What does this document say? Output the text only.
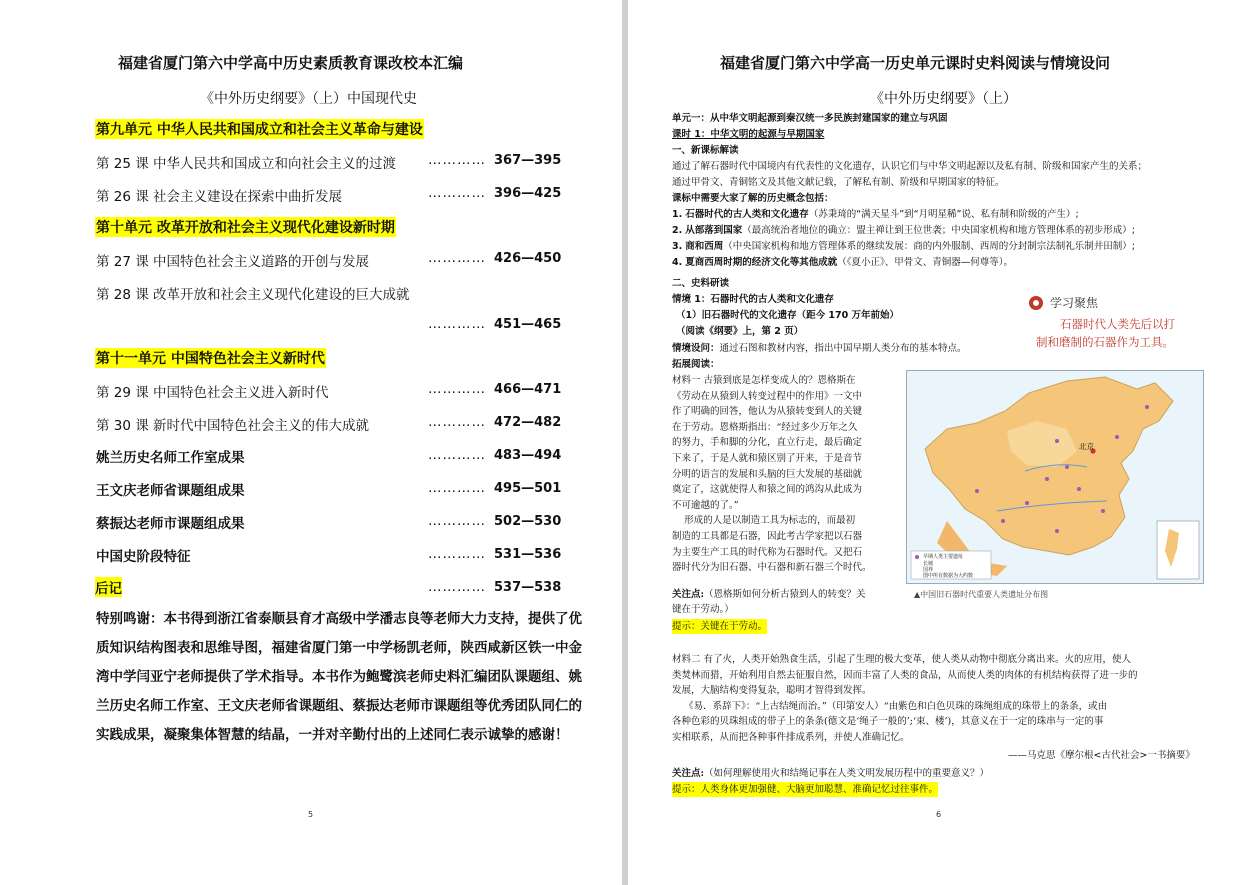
福建省厦门第六中学高中历史素质教育课改校本汇编
《中外历史纲要》（上）中国现代史
第九单元 中华人民共和国成立和社会主义革命与建设
第 25 课 中华人民共和国成立和向社会主义的过渡 ………… 367—395
第 26 课 社会主义建设在探索中曲折发展	………… 396—425
第十单元 改革开放和社会主义现代化建设新时期
第 27 课 中国特色社会主义道路的开创与发展	………… 426—450
第 28 课 改革开放和社会主义现代化建设的巨大成就
………… 451—465
第十一单元 中国特色社会主义新时代
第 29 课 中国特色社会主义进入新时代	………… 466—471
第 30 课 新时代中国特色社会主义的伟大成就	………… 472—482
姚兰历史名师工作室成果	………… 483—494
王文庆老师省课题组成果	………… 495—501
蔡振达老师市课题组成果	………… 502—530
中国史阶段特征	………… 531—536
后记	………… 537—538
特别鸣谢：本书得到浙江省泰顺县育才高级中学潘志良等老师大力支持，提供了优质知识结构图表和思维导图，福建省厦门第一中学杨凯老师，陕西咸新区铁一中金湾中学闫亚宁老师提供了学术指导。本书作为鲍鹭滨老师史料汇编团队课题组、姚兰历史名师工作室、王文庆老师省课题组、蔡振达老师市课题组等优秀团队同仁的实践成果，凝聚集体智慧的结晶，一并对辛勤付出的上述同仁表示诚挚的感谢！
5
福建省厦门第六中学高一历史单元课时史料阅读与情境设问
《中外历史纲要》（上）
单元一：从中华文明起源到秦汉统一多民族封建国家的建立与巩固
课时 1：中华文明的起源与早期国家
一、新课标解读
通过了解石器时代中国境内有代表性的文化遗存，认识它们与中华文明起源以及私有制、阶级和国家产生的关系；
通过甲骨文、青铜铭文及其他文献记载，了解私有制、阶级和早期国家的特征。
课标中需要大家了解的历史概念包括：
1. 石器时代的古人类和文化遗存（苏秉琦的“满天星斗”到“月明星稀”说、私有制和阶级的产生）;
2. 从部落到国家（最高统治者地位的确立：盟主禅让到王位世袭；中央国家机构和地方管理体系的初步形成）;
3. 商和西周（中央国家机构和地方管理体系的继续发展：商的内外服制、西周的分封制宗法制礼乐制井田制）;
4. 夏商西周时期的经济文化等其他成就（《夏小正》、甲骨文、青铜器—何尊等）。
二、史料研读
情境 1：石器时代的古人类和文化遗存
（1）旧石器时代的文化遗存（距今 170 万年前始）
（阅读《纲要》上，第 2 页）
情境设问：通过石图和教材内容，指出中国早期人类分布的基本特点。
拓展阅读：
学习聚焦
石器时代人类先后以打
制和磨制的石器作为工具。
材料一 古猿到底是怎样变成人的？恩格斯在
《劳动在从猿到人转变过程中的作用》一文中
作了明确的回答，他认为从猿转变到人的关键
在于劳动。恩格斯指出：“经过多少万年之久
的努力，手和脚的分化，直立行走，最后确定
下来了，于是人就和猿区别了开来，于是音节
分明的语言的发展和头脑的巨大发展的基础就
奠定了，这就使得人和猿之间的鸿沟从此成为
不可逾越的了。”
形成的人是以制造工具为标志的，而最初
制造的工具都是石器，因此考古学家把以石器
为主要生产工具的时代称为石器时代。又把石
器时代分为旧石器、中石器和新石器三个时代。
关注点:（恩格斯如何分析古猿到人的转变？关
键在于劳动。）
提示：关键在于劳动。
北京
早期人类主要遗址
长城
国界
图中所有数据为大约数
▲中国旧石器时代重要人类遗址分布图
材料二 有了火，人类开始熟食生活，引起了生理的极大变革，使人类从动物中彻底分离出来。火的应用，使人
类焚林而猎，开始利用自然去征服自然，因而丰富了人类的食品，从而使人类的肉体的有机结构获得了进一步的
发展，大脑结构变得复杂，聪明才智得到发挥。
《易．系辞下》：“上古结绳而治。”（印第安人）“由紫色和白色贝珠的珠绳组成的珠带上的条条，或由
各种色彩的贝珠组成的带子上的条条(德文是‘绳子一般的’;‘束、楼’)，其意义在于一定的珠串与一定的事
实相联系，从而把各种事件排成系列，并使人准确记忆。
——马克思《摩尔根<古代社会>一书摘要》
关注点:（如何理解使用火和结绳记事在人类文明发展历程中的重要意义？）
提示：人类身体更加强健、大脑更加聪慧、准确记忆过往事件。
6
